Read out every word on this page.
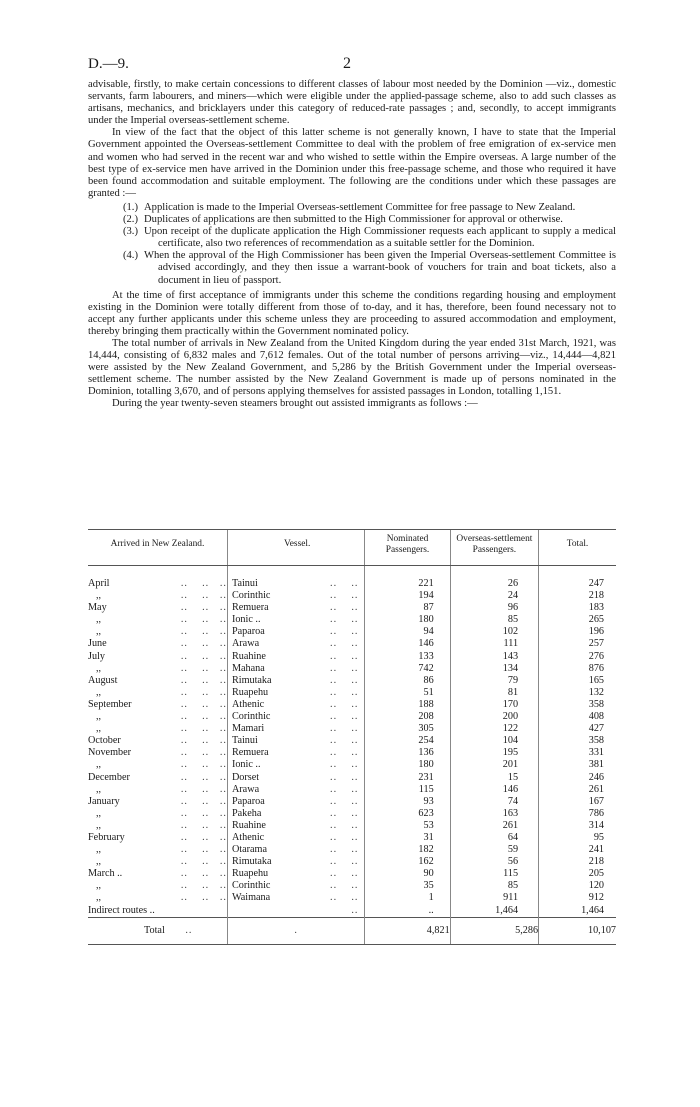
D.—9.	2

advisable, firstly, to make certain concessions to different classes of labour most needed by the Dominion —viz., domestic servants, farm labourers, and miners—which were eligible under the applied-passage scheme, also to add such classes as artisans, mechanics, and bricklayers under this category of reduced-rate passages ; and, secondly, to accept immigrants under the Imperial overseas-settlement scheme.

In view of the fact that the object of this latter scheme is not generally known, I have to state that the Imperial Government appointed the Overseas-settlement Committee to deal with the problem of free emigration of ex-service men and women who had served in the recent war and who wished to settle within the Empire overseas. A large number of the best type of ex-service men have arrived in the Dominion under this free-passage scheme, and those who required it have been found accommodation and suitable employment. The following are the conditions under which these passages are granted :—

(1.) Application is made to the Imperial Overseas-settlement Committee for free passage to New Zealand.
(2.) Duplicates of applications are then submitted to the High Commissioner for approval or otherwise.
(3.) Upon receipt of the duplicate application the High Commissioner requests each applicant to supply a medical certificate, also two references of recommendation as a suitable settler for the Dominion.
(4.) When the approval of the High Commissioner has been given the Imperial Overseas-settlement Committee is advised accordingly, and they then issue a warrant-book of vouchers for train and boat tickets, also a document in lieu of passport.

At the time of first acceptance of immigrants under this scheme the conditions regarding housing and employment existing in the Dominion were totally different from those of to-day, and it has, therefore, been found necessary not to accept any further applicants under this scheme unless they are proceeding to assured accommodation and employment, thereby bringing them practically within the Government nominated policy.

The total number of arrivals in New Zealand from the United Kingdom during the year ended 31st March, 1921, was 14,444, consisting of 6,832 males and 7,612 females. Out of the total number of persons arriving—viz., 14,444—4,821 were assisted by the New Zealand Government, and 5,286 by the British Government under the Imperial overseas-settlement scheme. The number assisted by the New Zealand Government is made up of persons nominated in the Dominion, totalling 3,670, and of persons applying themselves for assisted passages in London, totalling 1,151.

During the year twenty-seven steamers brought out assisted immigrants as follows :—

Arrived in New Zealand.	Vessel.	Nominated Passengers.	Overseas-settlement Passengers.	Total.

April ..    ..   ..	Tainui ..    ..	221	26	247

,, ..    ..   ..	Corinthic ..    ..	194	24	218

May ..    ..   ..	Remuera ..    ..	87	96	183

,, ..    ..   ..	Ionic .. ..    ..	180	85	265

,, ..    ..   ..	Paparoa ..    ..	94	102	196

June ..    ..   ..	Arawa ..    ..	146	111	257

July ..    ..   ..	Ruahine ..    ..	133	143	276

,, ..    ..   ..	Mahana ..    ..	742	134	876

August ..    ..   ..	Rimutaka ..    ..	86	79	165

,, ..    ..   ..	Ruapehu ..    ..	51	81	132

September ..    ..   ..	Athenic ..    ..	188	170	358

,, ..    ..   ..	Corinthic ..    ..	208	200	408

,, ..    ..   ..	Mamari ..    ..	305	122	427

October ..    ..   ..	Tainui ..    ..	254	104	358

November ..    ..   ..	Remuera ..    ..	136	195	331

,, ..    ..   ..	Ionic .. ..    ..	180	201	381

December ..    ..   ..	Dorset ..    ..	231	15	246

,, ..    ..   ..	Arawa ..    ..	115	146	261

January ..    ..   ..	Paparoa ..    ..	93	74	167

,, ..    ..   ..	Pakeha ..    ..	623	163	786

,, ..    ..   ..	Ruahine ..    ..	53	261	314

February ..    ..   ..	Athenic ..    ..	31	64	95

,, ..    ..   ..	Otarama ..    ..	182	59	241

,, ..    ..   ..	Rimutaka ..    ..	162	56	218

March .. ..    ..   ..	Ruapehu ..    ..	90	115	205

,, ..    ..   ..	Corinthic ..    ..	35	85	120

,, ..    ..   ..	Waimana ..    ..	1	911	912

Indirect routes ..	..	..	1,464	1,464
Total ..	.	4,821	5,286	10,107
